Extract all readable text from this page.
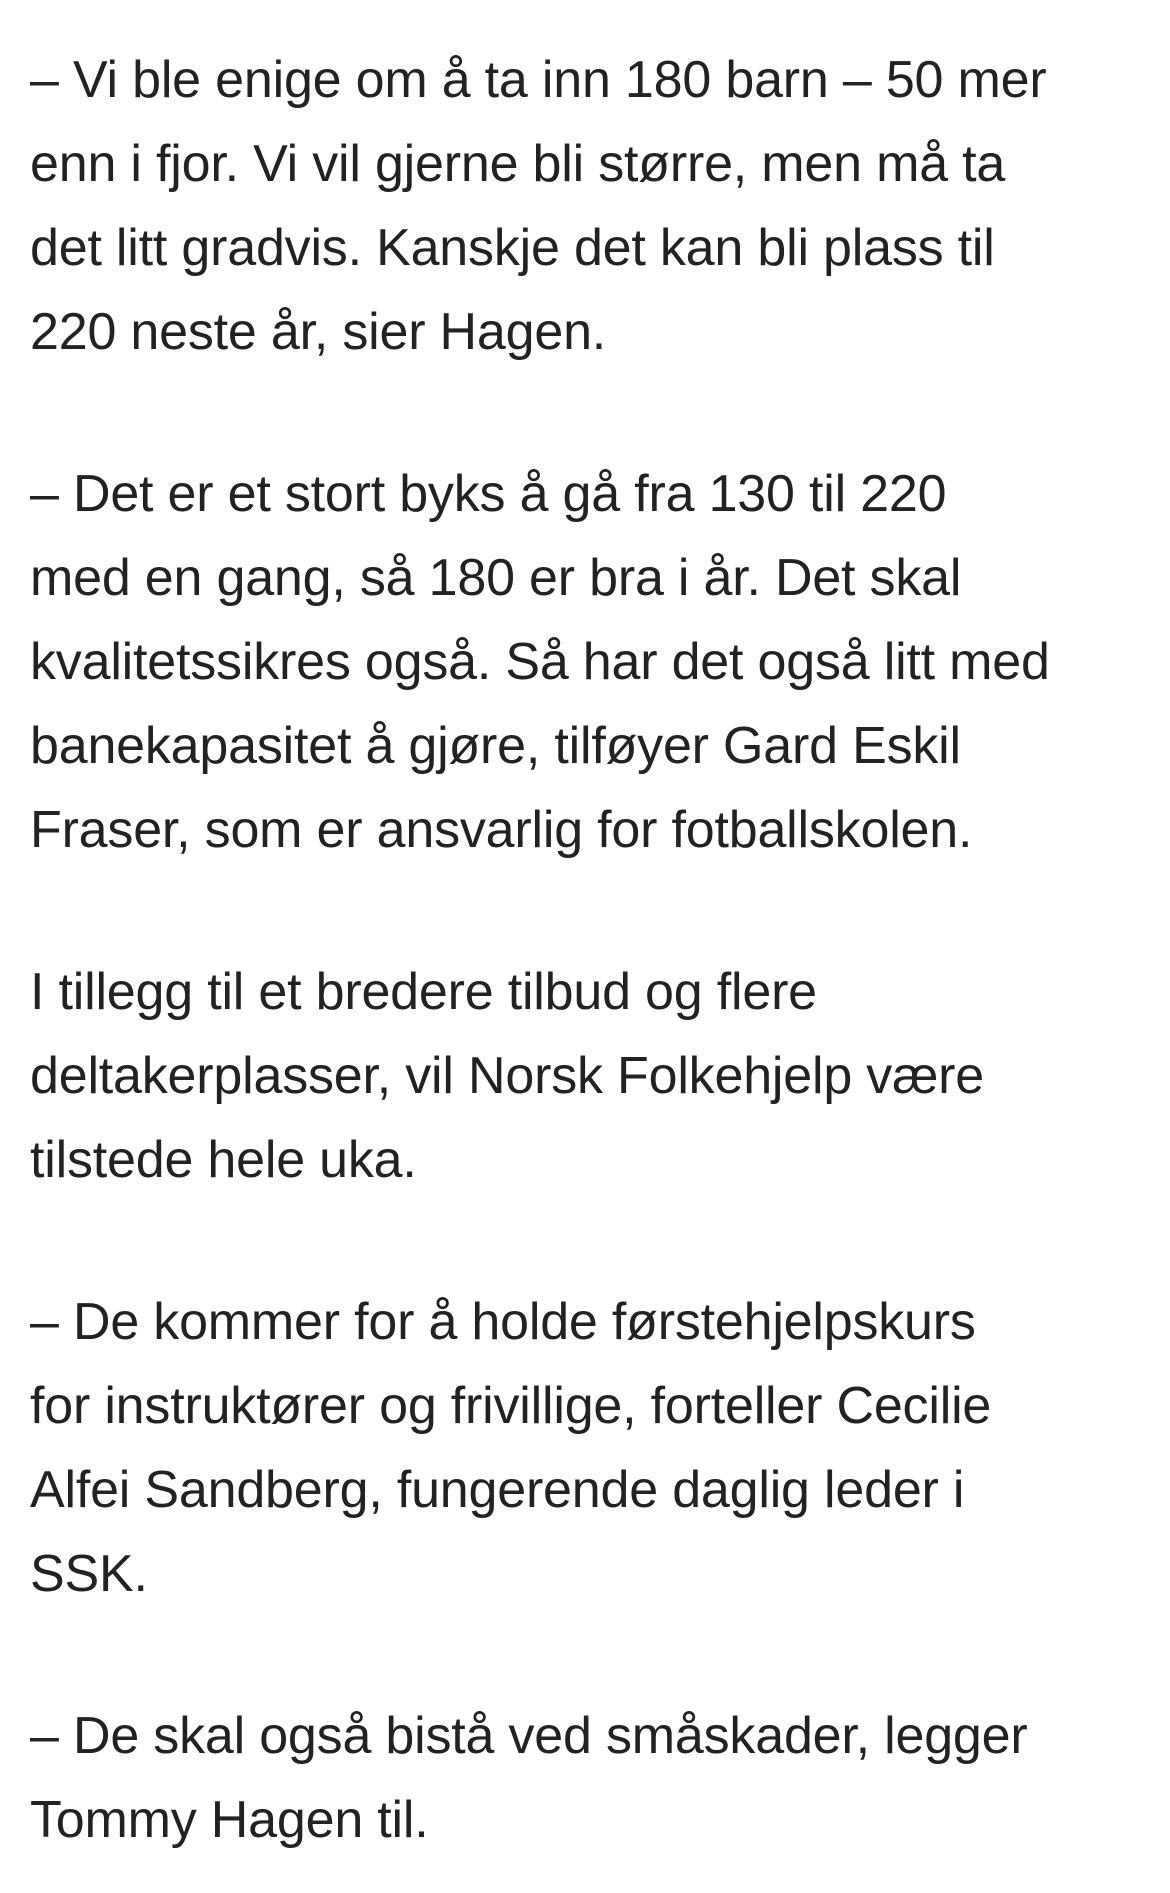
– Vi ble enige om å ta inn 180 barn – 50 mer
enn i fjor. Vi vil gjerne bli større, men må ta
det litt gradvis. Kanskje det kan bli plass til
220 neste år, sier Hagen.

– Det er et stort byks å gå fra 130 til 220
med en gang, så 180 er bra i år. Det skal
kvalitetssikres også. Så har det også litt med
banekapasitet å gjøre, tilføyer Gard Eskil
Fraser, som er ansvarlig for fotballskolen.

I tillegg til et bredere tilbud og flere
deltakerplasser, vil Norsk Folkehjelp være
tilstede hele uka.

– De kommer for å holde førstehjelpskurs
for instruktører og frivillige, forteller Cecilie
Alfei Sandberg, fungerende daglig leder i
SSK.

– De skal også bistå ved småskader, legger
Tommy Hagen til.
